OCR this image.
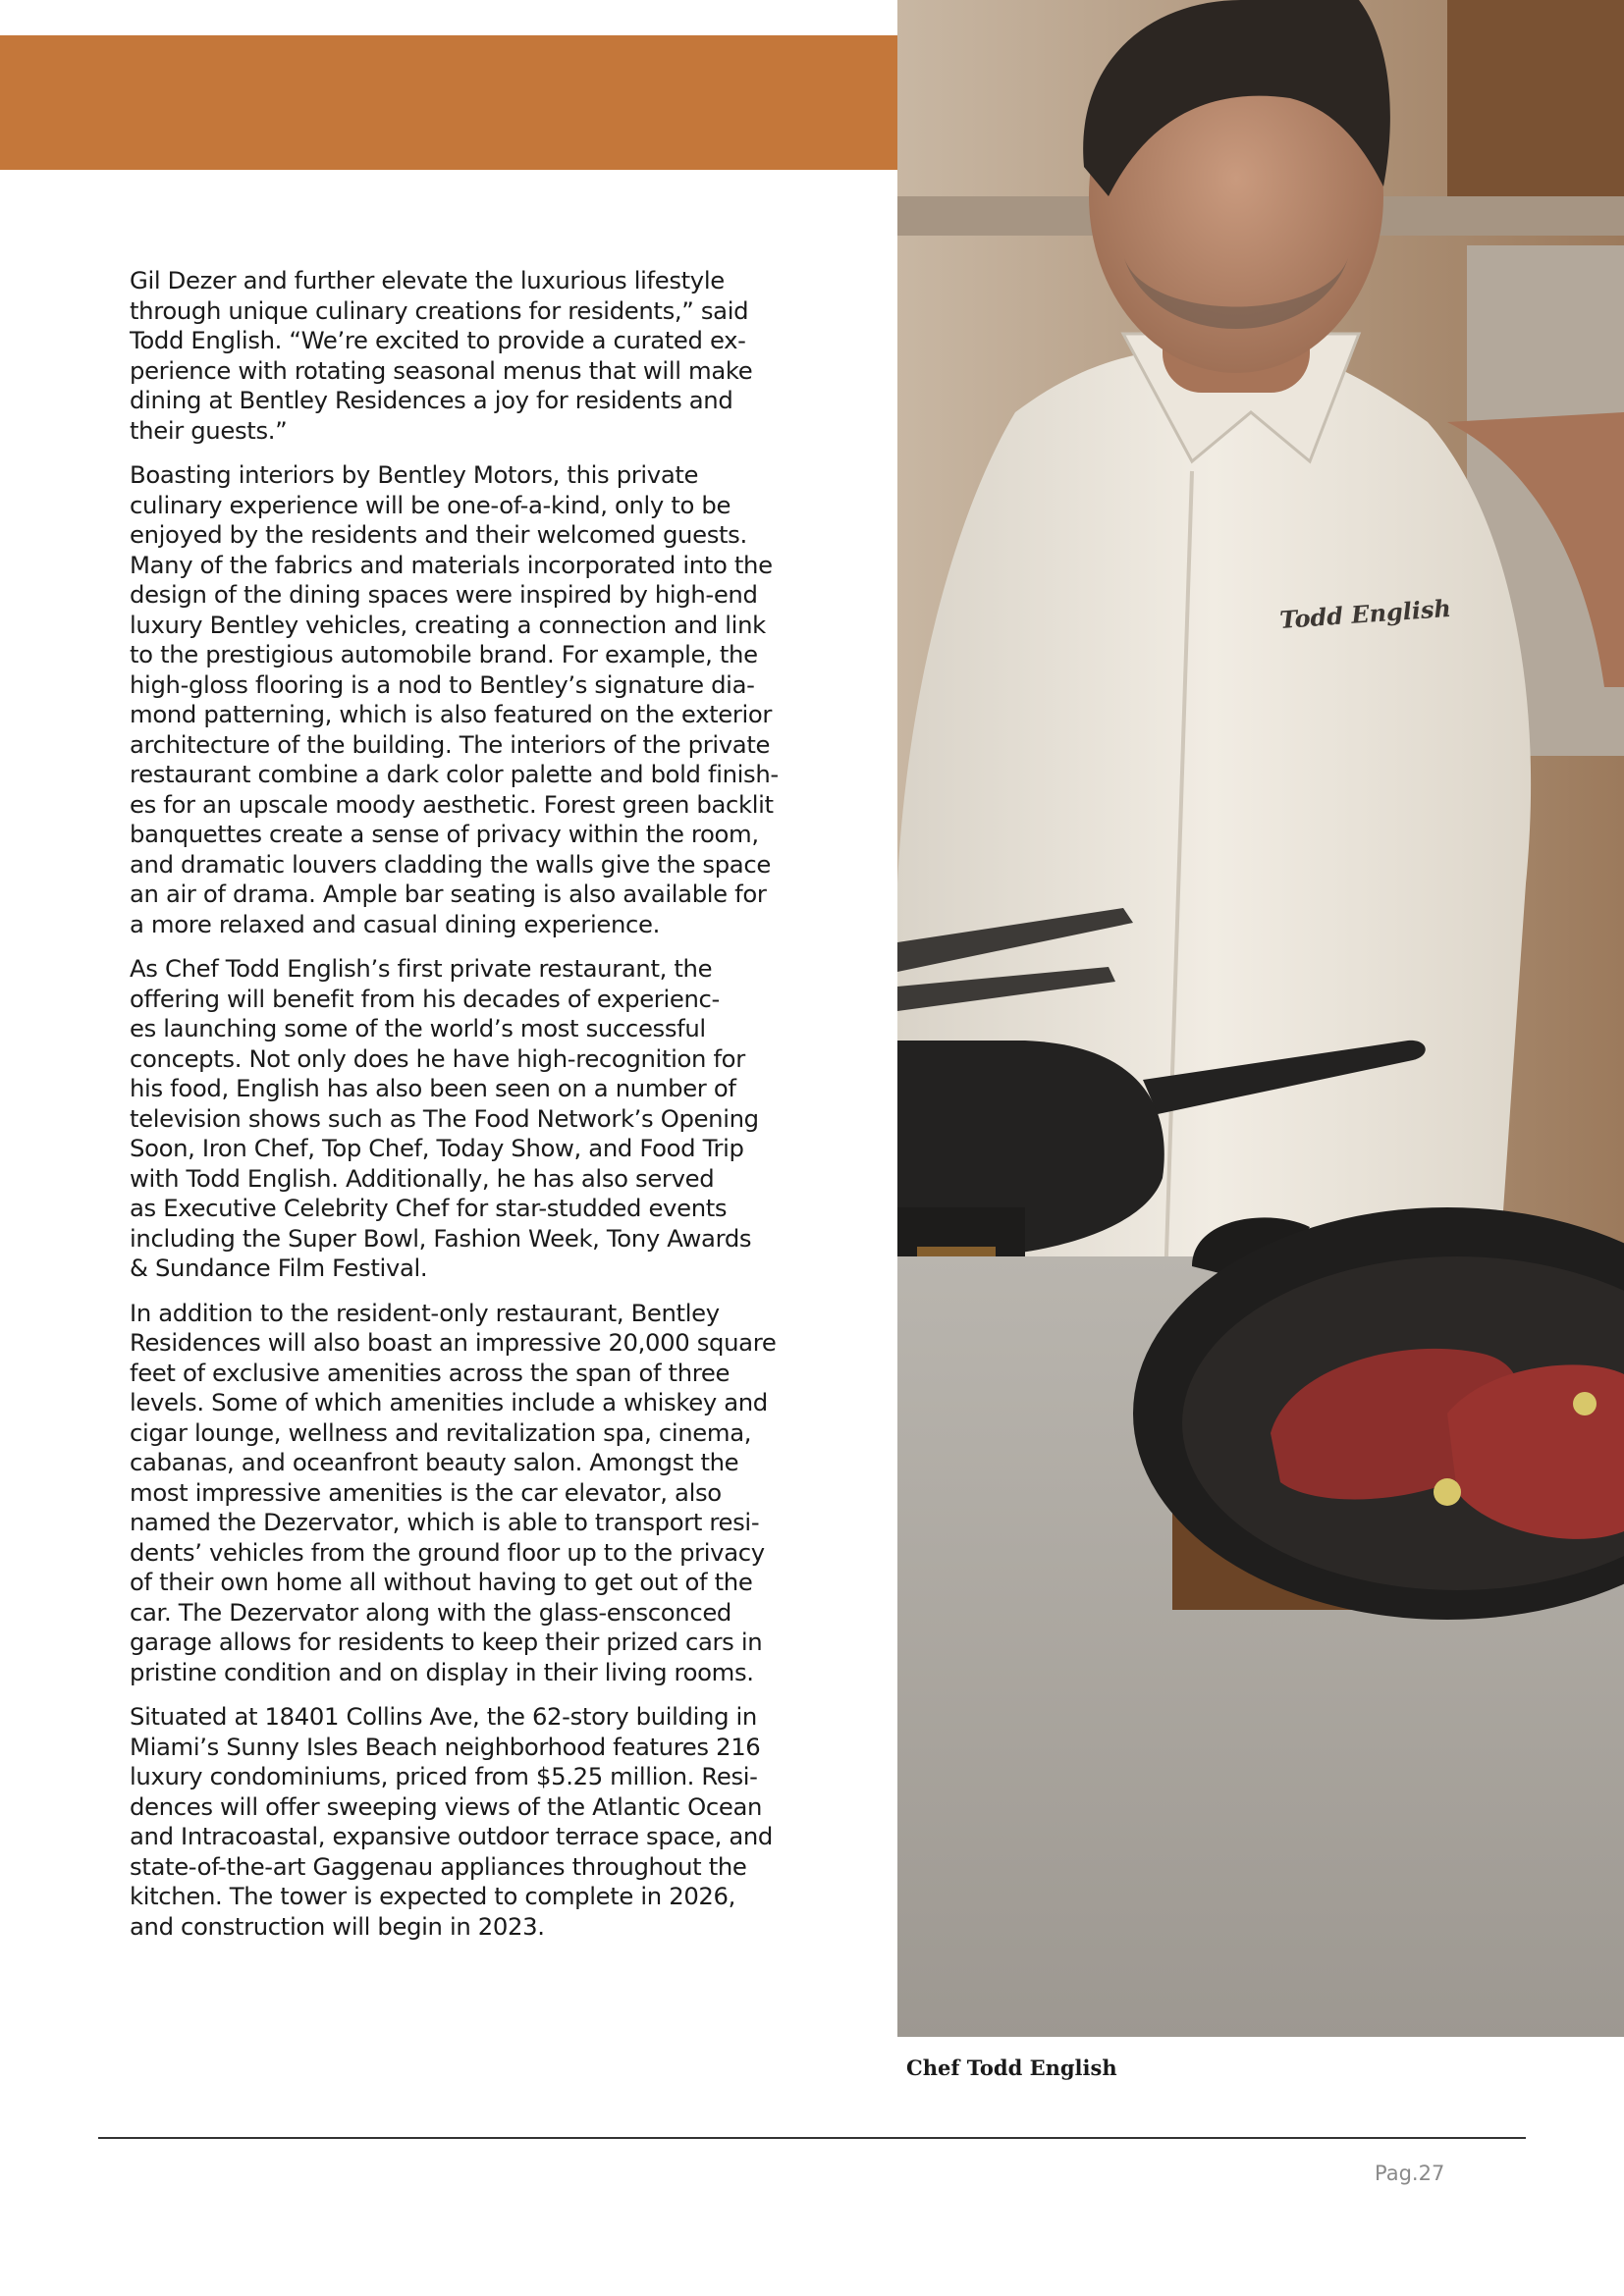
Gil Dezer and further elevate the luxurious lifestyle
through unique culinary creations for residents,” said
Todd English. “We’re excited to provide a curated ex-
perience with rotating seasonal menus that will make
dining at Bentley Residences a joy for residents and
their guests.”

Boasting interiors by Bentley Motors, this private
culinary experience will be one-of-a-kind, only to be
enjoyed by the residents and their welcomed guests.
Many of the fabrics and materials incorporated into the
design of the dining spaces were inspired by high-end
luxury Bentley vehicles, creating a connection and link
to the prestigious automobile brand. For example, the
high-gloss flooring is a nod to Bentley’s signature dia-
mond patterning, which is also featured on the exterior
architecture of the building. The interiors of the private
restaurant combine a dark color palette and bold finish-
es for an upscale moody aesthetic. Forest green backlit
banquettes create a sense of privacy within the room,
and dramatic louvers cladding the walls give the space
an air of drama. Ample bar seating is also available for
a more relaxed and casual dining experience.

As Chef Todd English’s first private restaurant, the
offering will benefit from his decades of experienc-
es launching some of the world’s most successful
concepts. Not only does he have high-recognition for
his food, English has also been seen on a number of
television shows such as The Food Network’s Opening
Soon, Iron Chef, Top Chef, Today Show, and Food Trip
with Todd English. Additionally, he has also served
as Executive Celebrity Chef for star-studded events
including the Super Bowl, Fashion Week, Tony Awards
& Sundance Film Festival.

In addition to the resident-only restaurant, Bentley
Residences will also boast an impressive 20,000 square
feet of exclusive amenities across the span of three
levels. Some of which amenities include a whiskey and
cigar lounge, wellness and revitalization spa, cinema,
cabanas, and oceanfront beauty salon. Amongst the
most impressive amenities is the car elevator, also
named the Dezervator, which is able to transport resi-
dents’ vehicles from the ground floor up to the privacy
of their own home all without having to get out of the
car. The Dezervator along with the glass-ensconced
garage allows for residents to keep their prized cars in
pristine condition and on display in their living rooms.

Situated at 18401 Collins Ave, the 62-story building in
Miami’s Sunny Isles Beach neighborhood features 216
luxury condominiums, priced from $5.25 million. Resi-
dences will offer sweeping views of the Atlantic Ocean
and Intracoastal, expansive outdoor terrace space, and
state-of-the-art Gaggenau appliances throughout the
kitchen. The tower is expected to complete in 2026,
and construction will begin in 2023.

Todd English
Chef Todd English
Pag.27
